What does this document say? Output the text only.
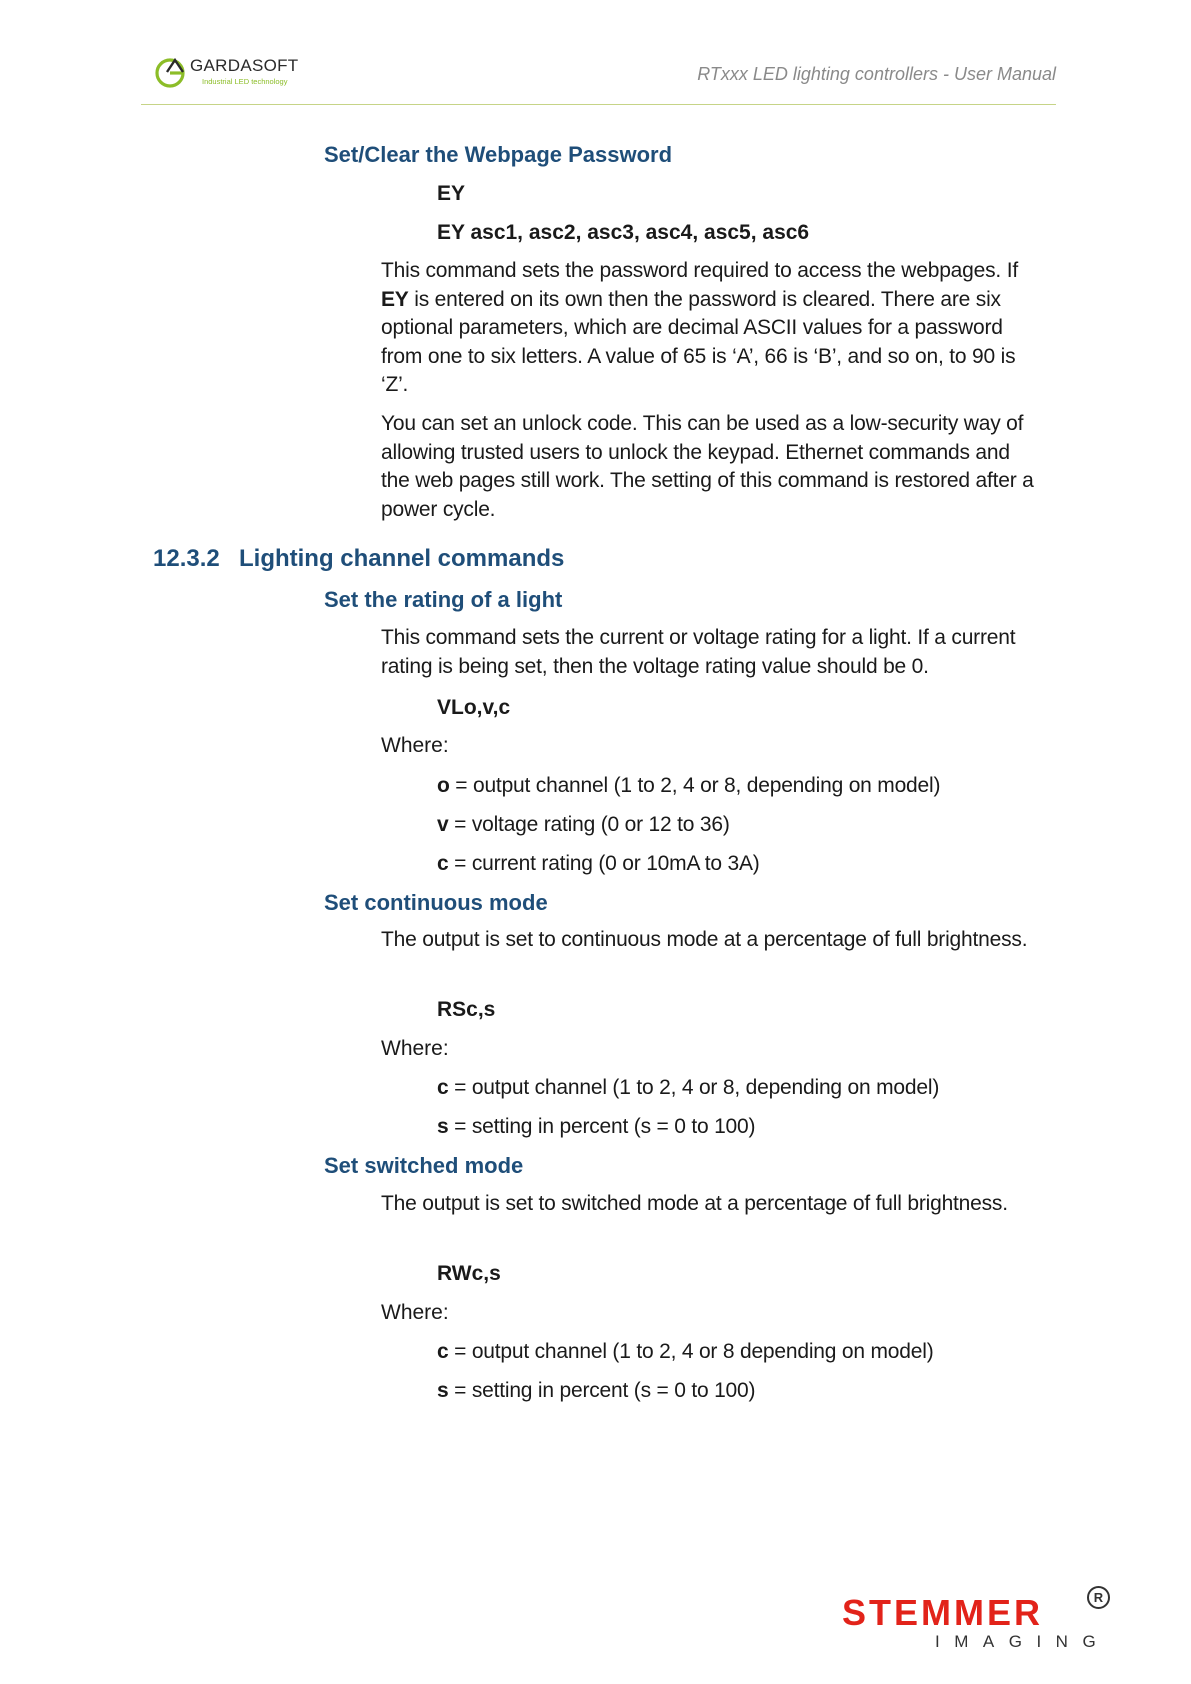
GARDASOFT
Industrial LED technology	RTxxx LED lighting controllers - User Manual
Set/Clear the Webpage Password
EY
EY asc1, asc2, asc3, asc4, asc5, asc6
This command sets the password required to access the webpages. If EY is entered on its own then the password is cleared. There are six optional parameters, which are decimal ASCII values for a password from one to six letters. A value of 65 is ‘A’, 66 is ‘B’, and so on, to 90 is ‘Z’.
You can set an unlock code. This can be used as a low-security way of allowing trusted users to unlock the keypad. Ethernet commands and the web pages still work. The setting of this command is restored after a power cycle.
12.3.2 Lighting channel commands
Set the rating of a light
This command sets the current or voltage rating for a light. If a current rating is being set, then the voltage rating value should be 0.
VLo,v,c
Where:
o = output channel (1 to 2, 4 or 8, depending on model)
v = voltage rating (0 or 12 to 36)
c = current rating (0 or 10mA to 3A)
Set continuous mode
The output is set to continuous mode at a percentage of full brightness.
RSc,s
Where:
c = output channel (1 to 2, 4 or 8, depending on model)
s = setting in percent (s = 0 to 100)
Set switched mode
The output is set to switched mode at a percentage of full brightness.
RWc,s
Where:
c = output channel (1 to 2, 4 or 8 depending on model)
s = setting in percent (s = 0 to 100)
STEMMER	R
IMAGING
